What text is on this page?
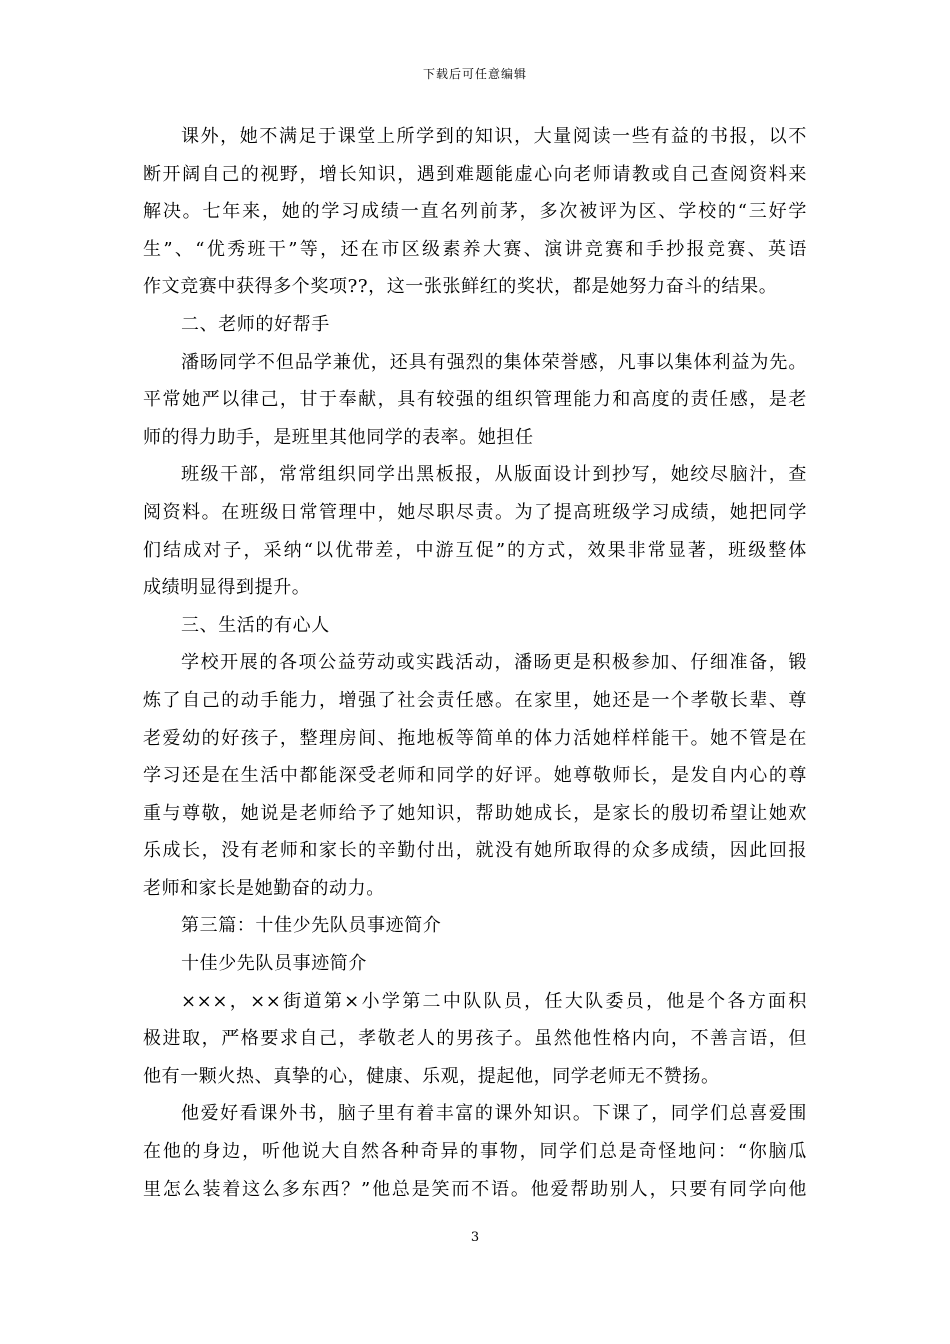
下载后可任意编辑
课外，她不满足于课堂上所学到的知识，大量阅读一些有益的书报，以不
断开阔自己的视野，增长知识，遇到难题能虚心向老师请教或自己查阅资料来
解决。七年来，她的学习成绩一直名列前茅，多次被评为区、学校的“三好学
生”、“优秀班干”等，还在市区级素养大赛、演讲竞赛和手抄报竞赛、英语
作文竞赛中获得多个奖项??，这一张张鲜红的奖状，都是她努力奋斗的结果。
二、老师的好帮手
潘旸同学不但品学兼优，还具有强烈的集体荣誉感，凡事以集体利益为先。
平常她严以律己，甘于奉献，具有较强的组织管理能力和高度的责任感，是老
师的得力助手，是班里其他同学的表率。她担任
班级干部，常常组织同学出黑板报，从版面设计到抄写，她绞尽脑汁，查
阅资料。在班级日常管理中，她尽职尽责。为了提高班级学习成绩，她把同学
们结成对子，采纳“以优带差，中游互促”的方式，效果非常显著，班级整体
成绩明显得到提升。
三、生活的有心人
学校开展的各项公益劳动或实践活动，潘旸更是积极参加、仔细准备，锻
炼了自己的动手能力，增强了社会责任感。在家里，她还是一个孝敬长辈、尊
老爱幼的好孩子，整理房间、拖地板等简单的体力活她样样能干。她不管是在
学习还是在生活中都能深受老师和同学的好评。她尊敬师长，是发自内心的尊
重与尊敬，她说是老师给予了她知识，帮助她成长，是家长的殷切希望让她欢
乐成长，没有老师和家长的辛勤付出，就没有她所取得的众多成绩，因此回报
老师和家长是她勤奋的动力。
第三篇：十佳少先队员事迹简介
十佳少先队员事迹简介
×××，××街道第×小学第二中队队员，任大队委员，他是个各方面积
极进取，严格要求自己，孝敬老人的男孩子。虽然他性格内向，不善言语，但
他有一颗火热、真挚的心，健康、乐观，提起他，同学老师无不赞扬。
他爱好看课外书，脑子里有着丰富的课外知识。下课了，同学们总喜爱围
在他的身边，听他说大自然各种奇异的事物，同学们总是奇怪地问：“你脑瓜
里怎么装着这么多东西？”他总是笑而不语。他爱帮助别人，只要有同学向他
3
